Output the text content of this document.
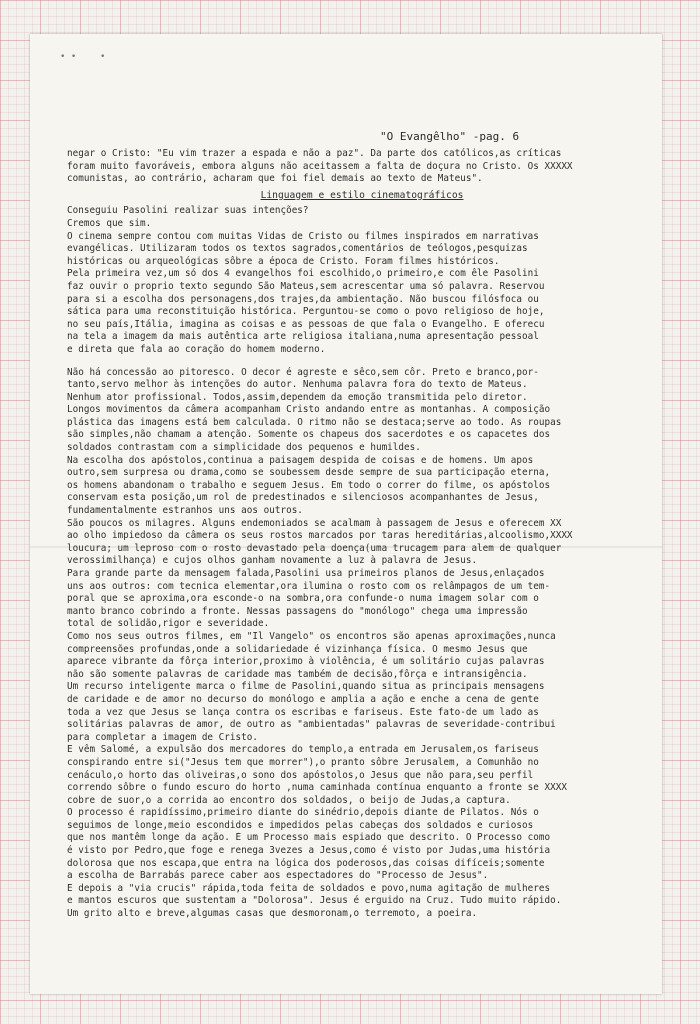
• •	•
"O Evangêlho" -pag. 6
negar o Cristo: "Eu vim trazer a espada e não a paz". Da parte dos católicos,as críticas
foram muito favoráveis, embora alguns não aceitassem a falta de doçura no Cristo. Os XXXXX
comunistas, ao contrário, acharam que foi fiel demais ao texto de Mateus".
Linguagem e estilo cinematográficos
Conseguiu Pasolini realizar suas intenções?
Cremos que sim.
O cinema sempre contou com muitas Vidas de Cristo ou filmes inspirados em narrativas
evangélicas. Utilizaram todos os textos sagrados,comentários de teólogos,pesquizas
históricas ou arqueológicas sôbre a época de Cristo. Foram filmes históricos.
Pela primeira vez,um só dos 4 evangelhos foi escolhido,o primeiro,e com êle Pasolini
faz ouvir o proprio texto segundo São Mateus,sem acrescentar uma só palavra. Reservou
para si a escolha dos personagens,dos trajes,da ambientação. Não buscou filósfoca ou
sática para uma reconstituição histórica. Perguntou-se como o povo religioso de hoje,
no seu país,Itália, imagina as coisas e as pessoas de que fala o Evangelho. E oferecu
na tela a imagem da mais autêntica arte religiosa italiana,numa apresentação pessoal
e direta que fala ao coração do homem moderno.
Não há concessão ao pitoresco. O decor é agreste e sêco,sem côr. Preto e branco,por-
tanto,servo melhor às intenções do autor. Nenhuma palavra fora do texto de Mateus.
Nenhum ator profissional. Todos,assim,dependem da emoção transmitida pelo diretor.
Longos movimentos da câmera acompanham Cristo andando entre as montanhas. A composição
plástica das imagens está bem calculada. O ritmo não se destaca;serve ao todo. As roupas
são simples,não chamam a atenção. Somente os chapeus dos sacerdotes e os capacetes dos
soldados contrastam com a simplicidade dos pequenos e humildes.
Na escolha dos apóstolos,continua a paisagem despida de coisas e de homens. Um apos
outro,sem surpresa ou drama,como se soubessem desde sempre de sua participação eterna,
os homens abandonam o trabalho e seguem Jesus. Em todo o correr do filme, os apóstolos
conservam esta posição,um rol de predestinados e silenciosos acompanhantes de Jesus,
fundamentalmente estranhos uns aos outros.
São poucos os milagres. Alguns endemoniados se acalmam à passagem de Jesus e oferecem XX
ao olho impiedoso da câmera os seus rostos marcados por taras hereditárias,alcoolismo,XXXX
loucura; um leproso com o rosto devastado pela doença(uma trucagem para alem de qualquer
verossimilhança) e cujos olhos ganham novamente a luz à palavra de Jesus.
Para grande parte da mensagem falada,Pasolini usa primeiros planos de Jesus,enlaçados
uns aos outros: com tecnica elementar,ora ilumina o rosto com os relâmpagos de um tem-
poral que se aproxima,ora esconde-o na sombra,ora confunde-o numa imagem solar com o
manto branco cobrindo a fronte. Nessas passagens do "monólogo" chega uma impressão
total de solidão,rigor e severidade.
Como nos seus outros filmes, em "Il Vangelo" os encontros são apenas aproximações,nunca
compreensões profundas,onde a solidariedade é vizinhança física. O mesmo Jesus que
aparece vibrante da fôrça interior,proximo à violência, é um solitário cujas palavras
não são somente palavras de caridade mas também de decisão,fôrça e intransigência.
Um recurso inteligente marca o filme de Pasolini,quando situa as principais mensagens
de caridade e de amor no decurso do monólogo e amplia a ação e enche a cena de gente
toda a vez que Jesus se lança contra os escribas e fariseus. Êste fato-de um lado as
solitárias palavras de amor, de outro as "ambientadas" palavras de severidade-contribui
para completar a imagem de Cristo.
E vêm Salomé, a expulsão dos mercadores do templo,a entrada em Jerusalem,os fariseus
conspirando entre si("Jesus tem que morrer"),o pranto sôbre Jerusalem, a Comunhão no
cenáculo,o horto das oliveiras,o sono dos apóstolos,o Jesus que não para,seu perfil
correndo sôbre o fundo escuro do horto ,numa caminhada contínua enquanto a fronte se XXXX
cobre de suor,o a corrida ao encontro dos soldados, o beijo de Judas,a captura.
O processo é rapidíssimo,primeiro diante do sinédrio,depois diante de Pilatos. Nós o
seguimos de longe,meio escondidos e impedidos pelas cabeças dos soldados e curiosos
que nos mantêm longe da ação. É um Processo mais espiado que descrito. O Processo como
é visto por Pedro,que foge e renega 3vezes a Jesus,como é visto por Judas,uma história
dolorosa que nos escapa,que entra na lógica dos poderosos,das coisas difíceis;somente
a escolha de Barrabás parece caber aos espectadores do "Processo de Jesus".
E depois a "via crucis" rápida,toda feita de soldados e povo,numa agitação de mulheres
e mantos escuros que sustentam a "Dolorosa". Jesus é erguido na Cruz. Tudo muito rápido.
Um grito alto e breve,algumas casas que desmoronam,o terremoto, a poeira.
